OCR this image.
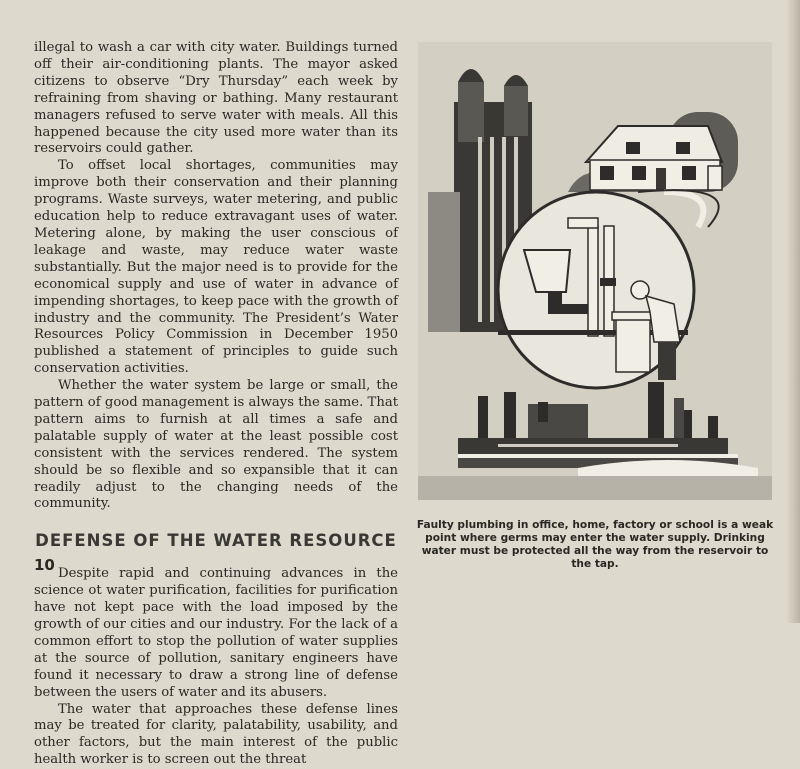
illegal to wash a car with city water. Buildings turned off their air-conditioning plants. The mayor asked citizens to observe “Dry Thursday” each week by refraining from shaving or bathing. Many restaurant managers refused to serve water with meals. All this happened because the city used more water than its reservoirs could gather.

To offset local shortages, communities may improve both their conservation and their planning programs. Waste surveys, water metering, and public education help to reduce extravagant uses of water. Metering alone, by making the user conscious of leakage and waste, may reduce water waste substantially. But the major need is to provide for the economical supply and use of water in advance of impending shortages, to keep pace with the growth of industry and the community. The President’s Water Resources Policy Commission in December 1950 published a statement of principles to guide such conservation activities.

Whether the water system be large or small, the pattern of good management is always the same. That pattern aims to furnish at all times a safe and palatable supply of water at the least possible cost consistent with the services rendered. The system should be so flexible and so expansible that it can readily adjust to the changing needs of the community.

DEFENSE OF THE WATER RESOURCE

Despite rapid and continuing advances in the science ot water purification, facilities for purification have not kept pace with the load imposed by the growth of our cities and our industry. For the lack of a common effort to stop the pollution of water supplies at the source of pollution, sanitary engineers have found it necessary to draw a strong line of defense between the users of water and its abusers.

The water that approaches these defense lines may be treated for clarity, palatability, usability, and other factors, but the main interest of the public health worker is to screen out the threat

10
Faulty plumbing in office, home, factory or school is a weak point where germs may enter the water supply. Drinking water must be protected all the way from the reservoir to the tap.
